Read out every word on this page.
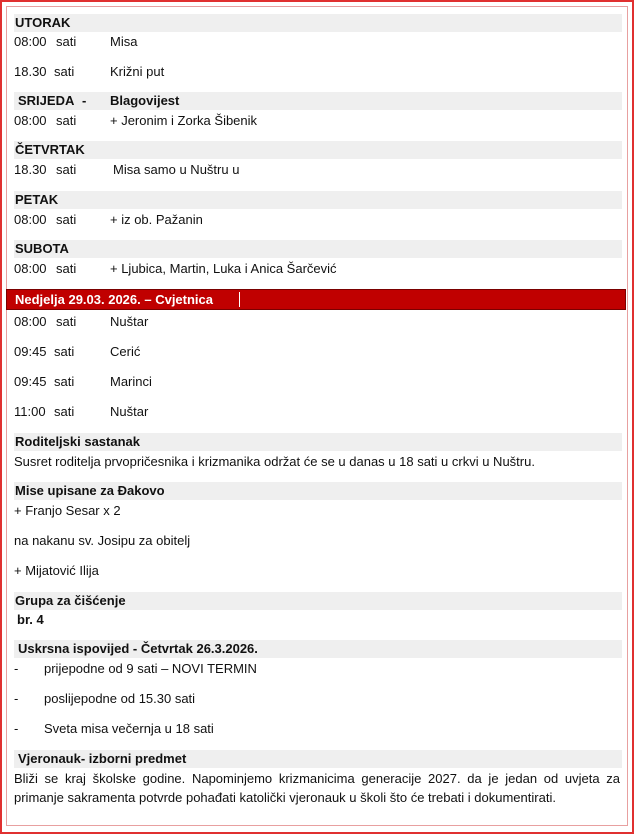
UTORAK
08:00 sati	Misa
18.30 sati	Križni put
SRIJEDA - Blagovijest
08:00 sati	+ Jeronim i Zorka Šibenik
ČETVRTAK
18.30 sati	Misa samo u Nuštru u
PETAK
08:00 sati	+ iz ob. Pažanin
SUBOTA
08:00 sati	+ Ljubica, Martin, Luka i Anica Šarčević
Nedjelja 29.03. 2026. – Cvjetnica
08:00 sati	Nuštar
09:45 sati	Cerić
09:45 sati	Marinci
11:00 sati	Nuštar
Roditeljski sastanak
Susret roditelja prvopričesnika i krizmanika održat će se u danas u 18 sati u crkvi u Nuštru.
Mise upisane za Đakovo
+ Franjo Sesar x 2
na nakanu sv. Josipu za obitelj
+ Mijatović Ilija
Grupa za čišćenje
br. 4
Uskrsna ispovijed - Četvrtak 26.3.2026.
- prijepodne od 9 sati – NOVI TERMIN
- poslijepodne od 15.30 sati
- Sveta misa večernja u 18 sati
Vjeronauk- izborni predmet
Bliži se kraj školske godine. Napominjemo krizmanicima generacije 2027. da je jedan od uvjeta za primanje sakramenta potvrde pohađati katolički vjeronauk u školi što će trebati i dokumentirati.
